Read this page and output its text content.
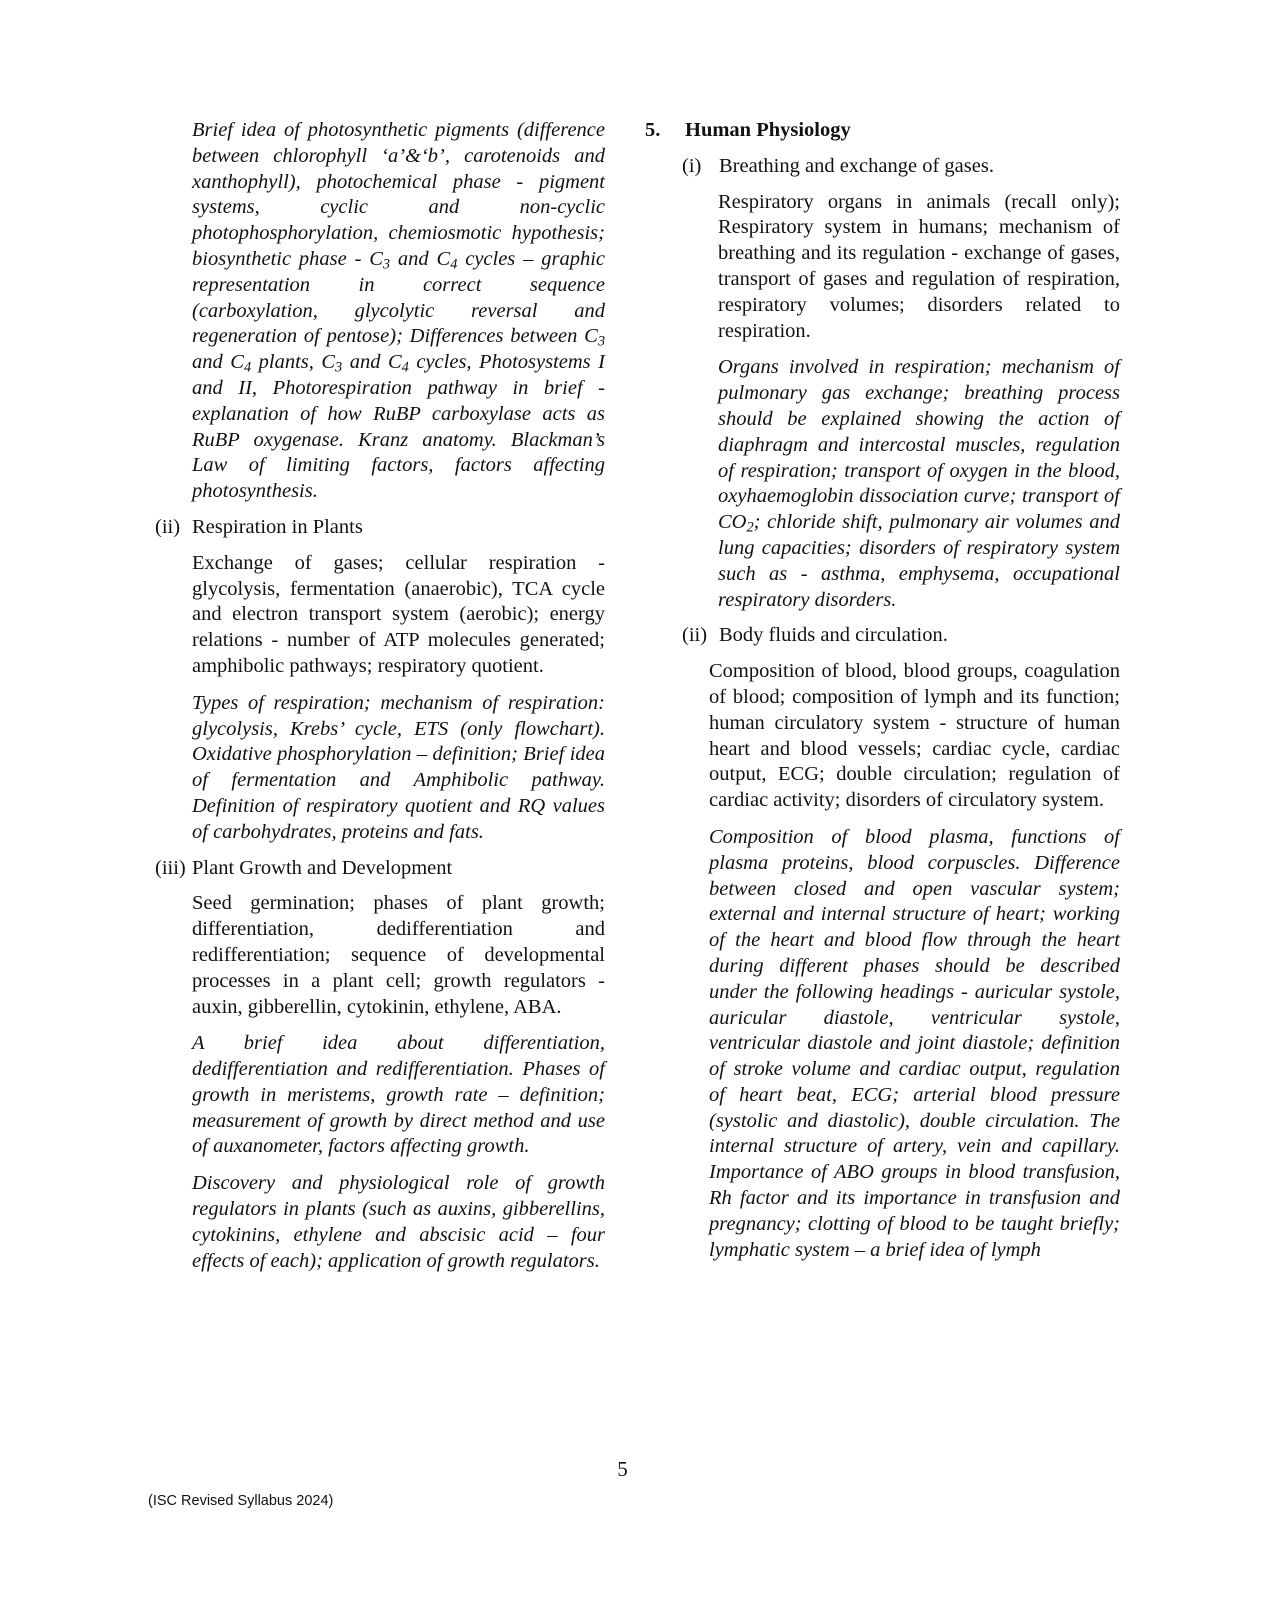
Brief idea of photosynthetic pigments (difference between chlorophyll ‘a’&‘b’, carotenoids and xanthophyll), photochemical phase - pigment systems, cyclic and non-cyclic photophosphorylation, chemiosmotic hypothesis; biosynthetic phase - $C_3$ and $C_4$ cycles – graphic representation in correct sequence (carboxylation, glycolytic reversal and regeneration of pentose); Differences between $C_3$ and $C_4$ plants, $C_3$ and $C_4$ cycles, Photosystems I and II, Photorespiration pathway in brief - explanation of how RuBP carboxylase acts as RuBP oxygenase. Kranz anatomy. Blackman’s Law of limiting factors, factors affecting photosynthesis.

(ii) Respiration in Plants

Exchange of gases; cellular respiration - glycolysis, fermentation (anaerobic), TCA cycle and electron transport system (aerobic); energy relations - number of ATP molecules generated; amphibolic pathways; respiratory quotient.

Types of respiration; mechanism of respiration: glycolysis, Krebs’ cycle, ETS (only flowchart). Oxidative phosphorylation – definition; Brief idea of fermentation and Amphibolic pathway. Definition of respiratory quotient and RQ values of carbohydrates, proteins and fats.

(iii) Plant Growth and Development

Seed germination; phases of plant growth; differentiation, dedifferentiation and redifferentiation; sequence of developmental processes in a plant cell; growth regulators - auxin, gibberellin, cytokinin, ethylene, ABA.

A brief idea about differentiation, dedifferentiation and redifferentiation. Phases of growth in meristems, growth rate – definition; measurement of growth by direct method and use of auxanometer, factors affecting growth.

Discovery and physiological role of growth regulators in plants (such as auxins, gibberellins, cytokinins, ethylene and abscisic acid – four effects of each); application of growth regulators.

5.	Human Physiology
(i) Breathing and exchange of gases.

Respiratory organs in animals (recall only); Respiratory system in humans; mechanism of breathing and its regulation - exchange of gases, transport of gases and regulation of respiration, respiratory volumes; disorders related to respiration.

Organs involved in respiration; mechanism of pulmonary gas exchange; breathing process should be explained showing the action of diaphragm and intercostal muscles, regulation of respiration; transport of oxygen in the blood, oxyhaemoglobin dissociation curve; transport of $CO_2$; chloride shift, pulmonary air volumes and lung capacities; disorders of respiratory system such as - asthma, emphysema, occupational respiratory disorders.

(ii) Body fluids and circulation.

Composition of blood, blood groups, coagulation of blood; composition of lymph and its function; human circulatory system - structure of human heart and blood vessels; cardiac cycle, cardiac output, ECG; double circulation; regulation of cardiac activity; disorders of circulatory system.

Composition of blood plasma, functions of plasma proteins, blood corpuscles. Difference between closed and open vascular system; external and internal structure of heart; working of the heart and blood flow through the heart during different phases should be described under the following headings - auricular systole, auricular diastole, ventricular systole, ventricular diastole and joint diastole; definition of stroke volume and cardiac output, regulation of heart beat, ECG; arterial blood pressure (systolic and diastolic), double circulation. The internal structure of artery, vein and capillary. Importance of ABO groups in blood transfusion, Rh factor and its importance in transfusion and pregnancy; clotting of blood to be taught briefly; lymphatic system – a brief idea of lymph

5
(ISC Revised Syllabus 2024)
